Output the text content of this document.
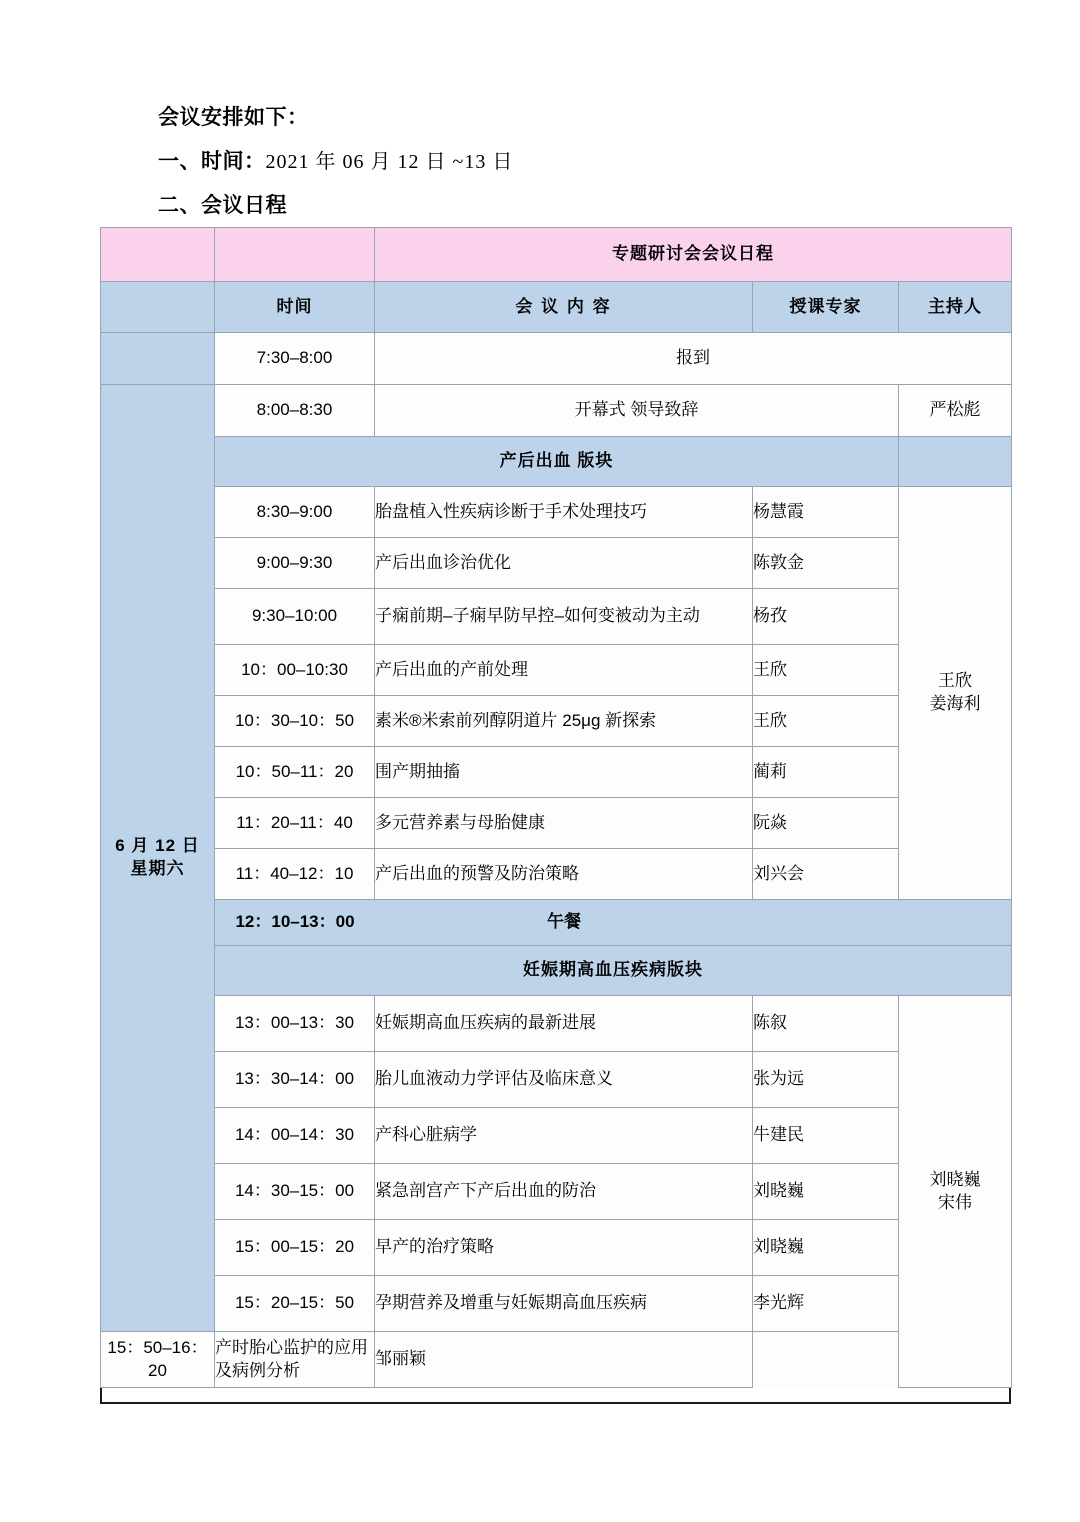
会议安排如下：
一、时间：2021 年 06 月 12 日 ~13 日
二、会议日程
		专题研讨会会议日程		
	时间	会 议 内 容	授课专家	主持人
	7:30–8:00	报到		

6 月 12 日
星期六	8:00–8:30	开幕式 领导致辞		严松彪
	产后出血 版块			
	8:30–9:00	胎盘植入性疾病诊断于手术处理技巧	杨慧霞	王欣
姜海利

	9:00–9:30	产后出血诊治优化	陈敦金	
	9:30–10:00	子痫前期–子痫早防早控–如何变被动为主动	杨孜	
	10：00–10:30	产后出血的产前处理	王欣	
	10：30–10：50	素米®米索前列醇阴道片 25μg 新探索	王欣	
	10：50–11：20	围产期抽搐	蔺莉	
	11：20–11：40	多元营养素与母胎健康	阮焱	
	11：40–12：10	产后出血的预警及防治策略	刘兴会	

	12：10–13：00 午餐			

	妊娠期高血压疾病版块			
	13：00–13：30	妊娠期高血压疾病的最新进展	陈叙	刘晓巍
宋伟

	13：30–14：00	胎儿血液动力学评估及临床意义	张为远	
	14：00–14：30	产科心脏病学	牛建民	
	14：30–15：00	紧急剖宫产下产后出血的防治	刘晓巍	
	15：00–15：20	早产的治疗策略	刘晓巍	
	15：20–15：50	孕期营养及增重与妊娠期高血压疾病	李光辉	
15：50–16：20	产时胎心监护的应用及病例分析	邹丽颖		
